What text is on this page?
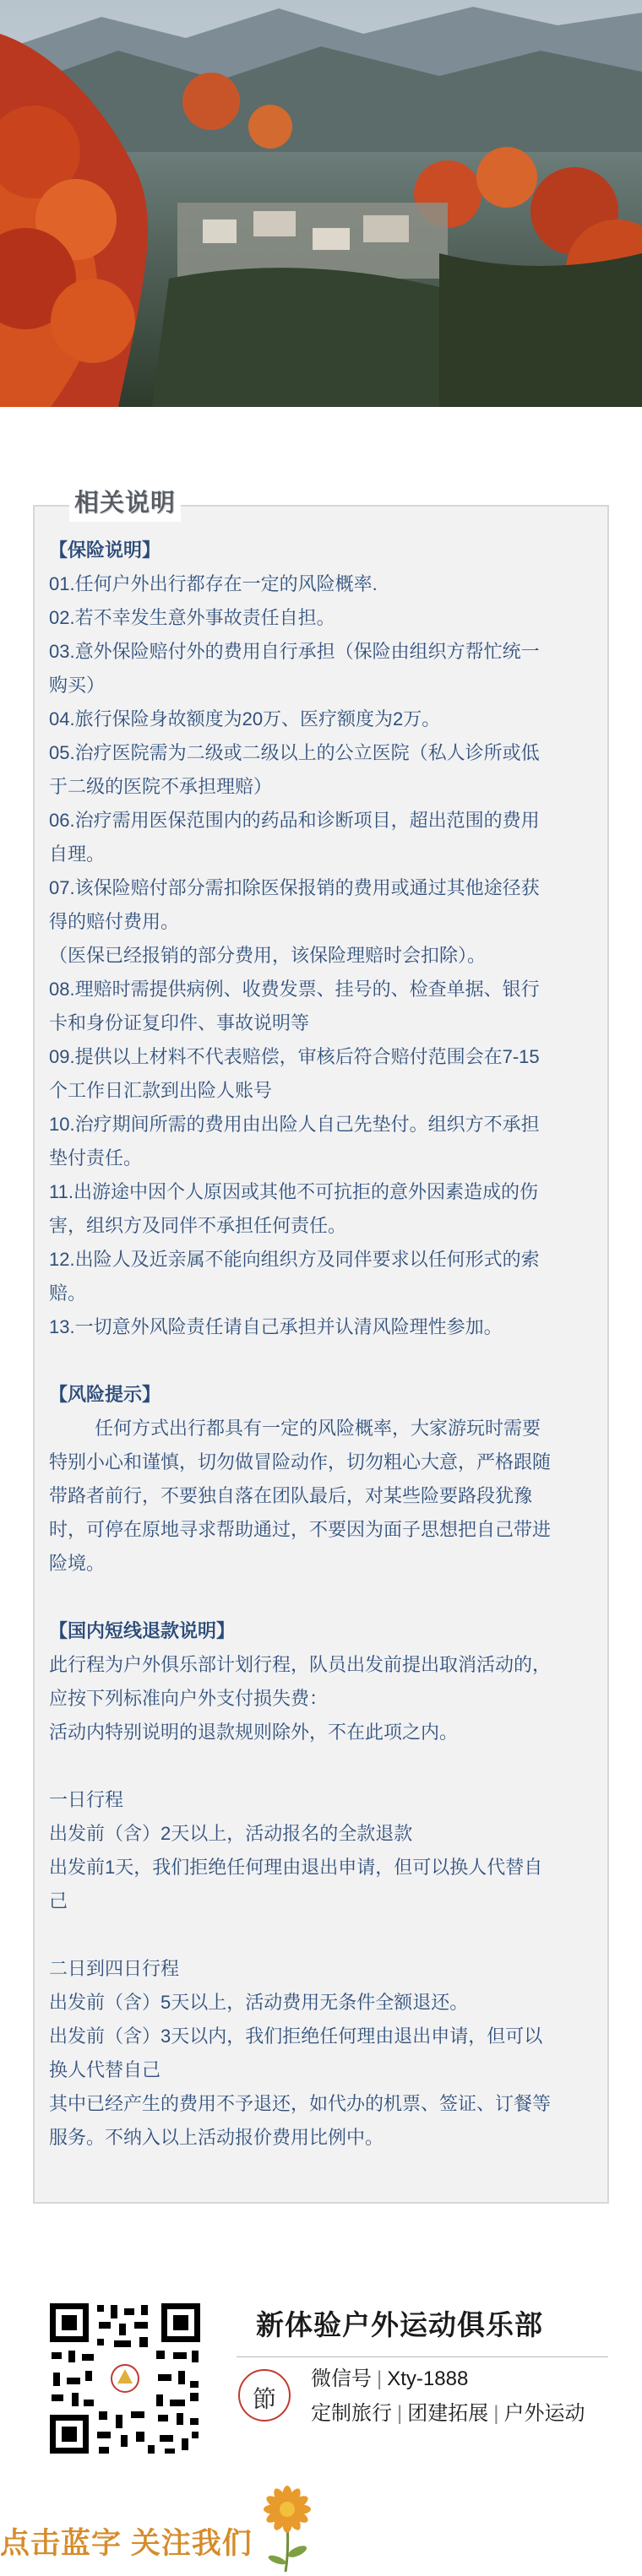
相关说明
【保险说明】
01.任何户外出行都存在一定的风险概率.
02.若不幸发生意外事故责任自担。
03.意外保险赔付外的费用自行承担（保险由组织方帮忙统一
购买）
04.旅行保险身故额度为20万、医疗额度为2万。
05.治疗医院需为二级或二级以上的公立医院（私人诊所或低
于二级的医院不承担理赔）
06.治疗需用医保范围内的药品和诊断项目，超出范围的费用
自理。
07.该保险赔付部分需扣除医保报销的费用或通过其他途径获
得的赔付费用。
（医保已经报销的部分费用，该保险理赔时会扣除）。
08.理赔时需提供病例、收费发票、挂号的、检查单据、银行
卡和身份证复印件、事故说明等
09.提供以上材料不代表赔偿，审核后符合赔付范围会在7-15
个工作日汇款到出险人账号
10.治疗期间所需的费用由出险人自己先垫付。组织方不承担
垫付责任。
11.出游途中因个人原因或其他不可抗拒的意外因素造成的伤
害，组织方及同伴不承担任何责任。
12.出险人及近亲属不能向组织方及同伴要求以任何形式的索
赔。
13.一切意外风险责任请自己承担并认清风险理性参加。
【风险提示】
任何方式出行都具有一定的风险概率，大家游玩时需要
特别小心和谨慎，切勿做冒险动作，切勿粗心大意，严格跟随
带路者前行，不要独自落在团队最后，对某些险要路段犹豫
时，可停在原地寻求帮助通过，不要因为面子思想把自己带进
险境。
【国内短线退款说明】
此行程为户外俱乐部计划行程，队员出发前提出取消活动的，
应按下列标准向户外支付损失费：
活动内特别说明的退款规则除外，不在此项之内。
一日行程
出发前（含）2天以上，活动报名的全款退款
出发前1天，我们拒绝任何理由退出申请，但可以换人代替自
己
二日到四日行程
出发前（含）5天以上，活动费用无条件全额退还。
出发前（含）3天以内，我们拒绝任何理由退出申请，但可以
换人代替自己
其中已经产生的费用不予退还，如代办的机票、签证、订餐等
服务。不纳入以上活动报价费用比例中。
新体验户外运动俱乐部
節
微信号 | Xty-1888
定制旅行 | 团建拓展 | 户外运动
点击蓝字 关注我们
